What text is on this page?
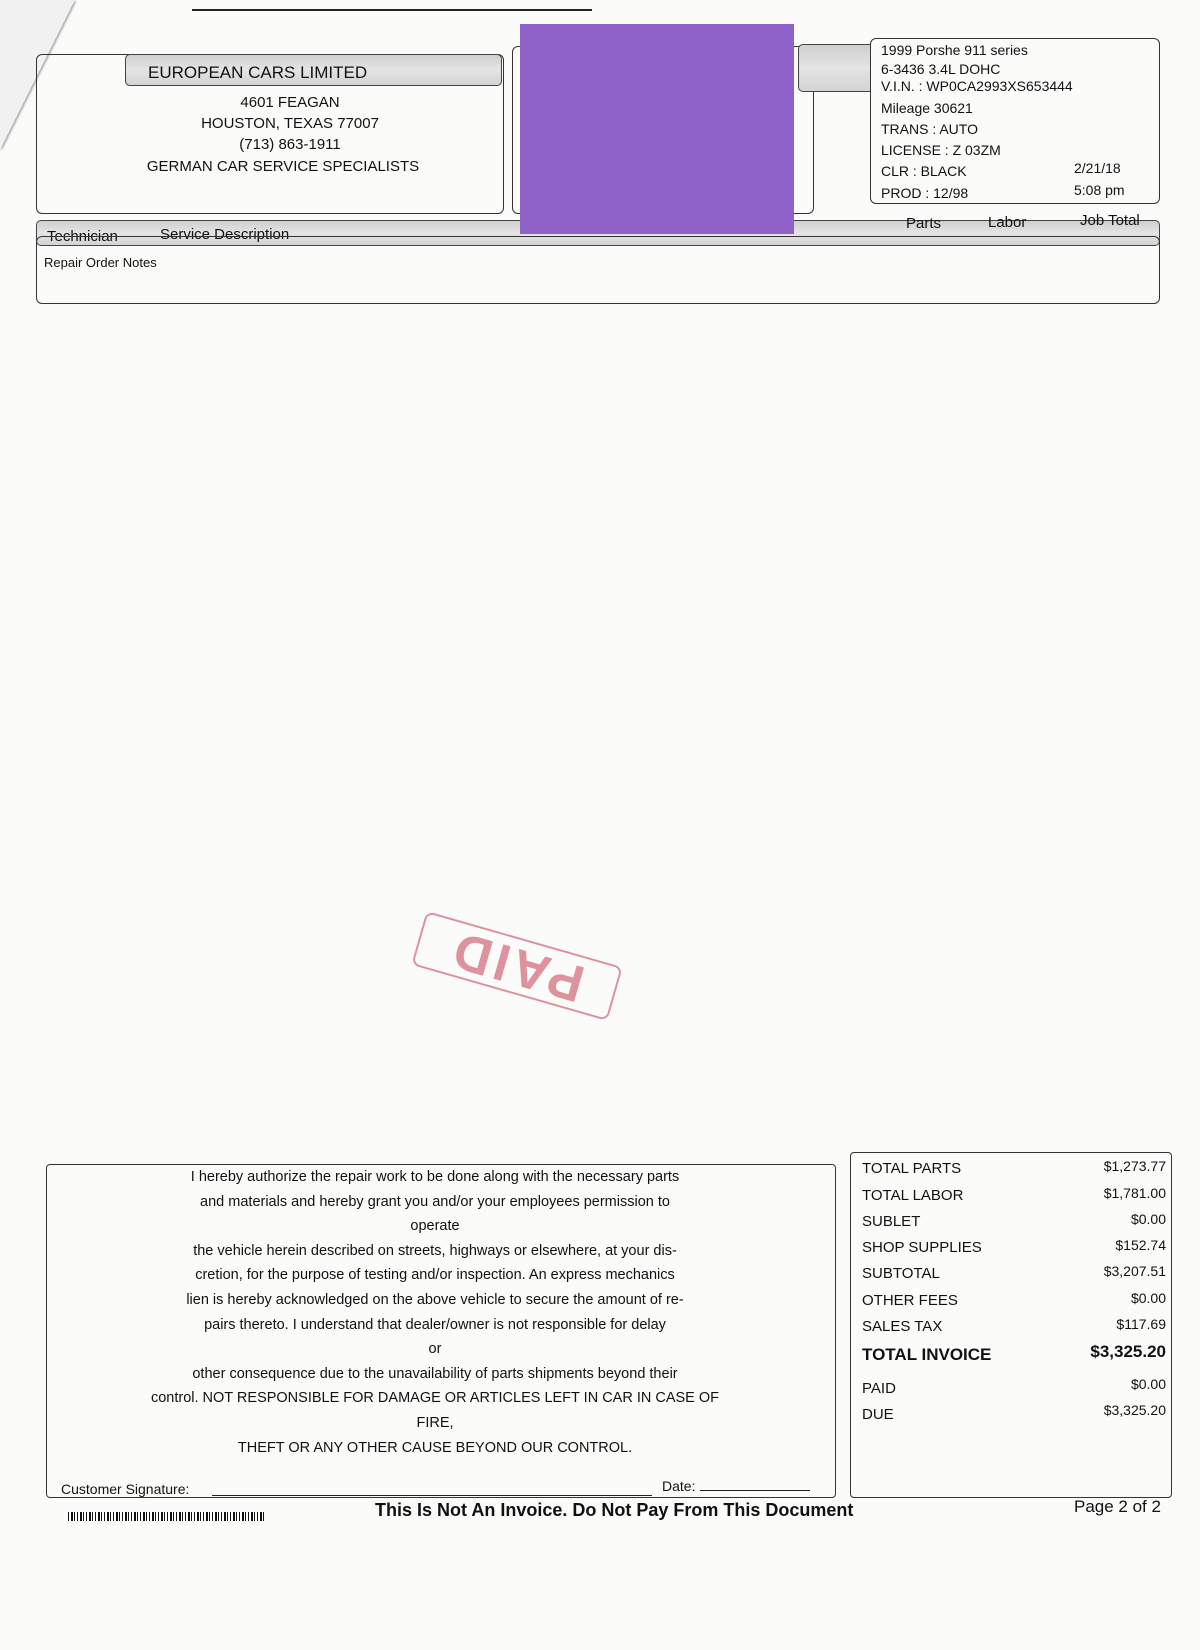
EUROPEAN CARS LIMITED
4601 FEAGAN
HOUSTON, TEXAS 77007
(713) 863-1911
GERMAN CAR SERVICE SPECIALISTS
1999 Porshe 911 series
6-3436 3.4L DOHC
V.I.N. : WP0CA2993XS653444
Mileage 30621
TRANS : AUTO
LICENSE : Z 03ZM
CLR : BLACK
PROD : 12/98
2/21/18
5:08 pm
Technician	Service Description
Parts	Labor	Job Total
Repair Order Notes
PAID
I hereby authorize the repair work to be done along with the necessary parts
and materials and hereby grant you and/or your employees permission to
operate
the vehicle herein described on streets, highways or elsewhere, at your dis-
cretion, for the purpose of testing and/or inspection. An express mechanics
lien is hereby acknowledged on the above vehicle to secure the amount of re-
pairs thereto. I understand that dealer/owner is not responsible for delay
or
other consequence due to the unavailability of parts shipments beyond their
control. NOT RESPONSIBLE FOR DAMAGE OR ARTICLES LEFT IN CAR IN CASE OF
FIRE,
THEFT OR ANY OTHER CAUSE BEYOND OUR CONTROL.
Customer Signature:	Date:
TOTAL PARTS	$1,273.77
TOTAL LABOR	$1,781.00
SUBLET	$0.00
SHOP SUPPLIES	$152.74
SUBTOTAL	$3,207.51
OTHER FEES	$0.00
SALES TAX	$117.69
TOTAL INVOICE	$3,325.20
PAID	$0.00
DUE	$3,325.20
This Is Not An Invoice. Do Not Pay From This Document	Page 2 of 2
